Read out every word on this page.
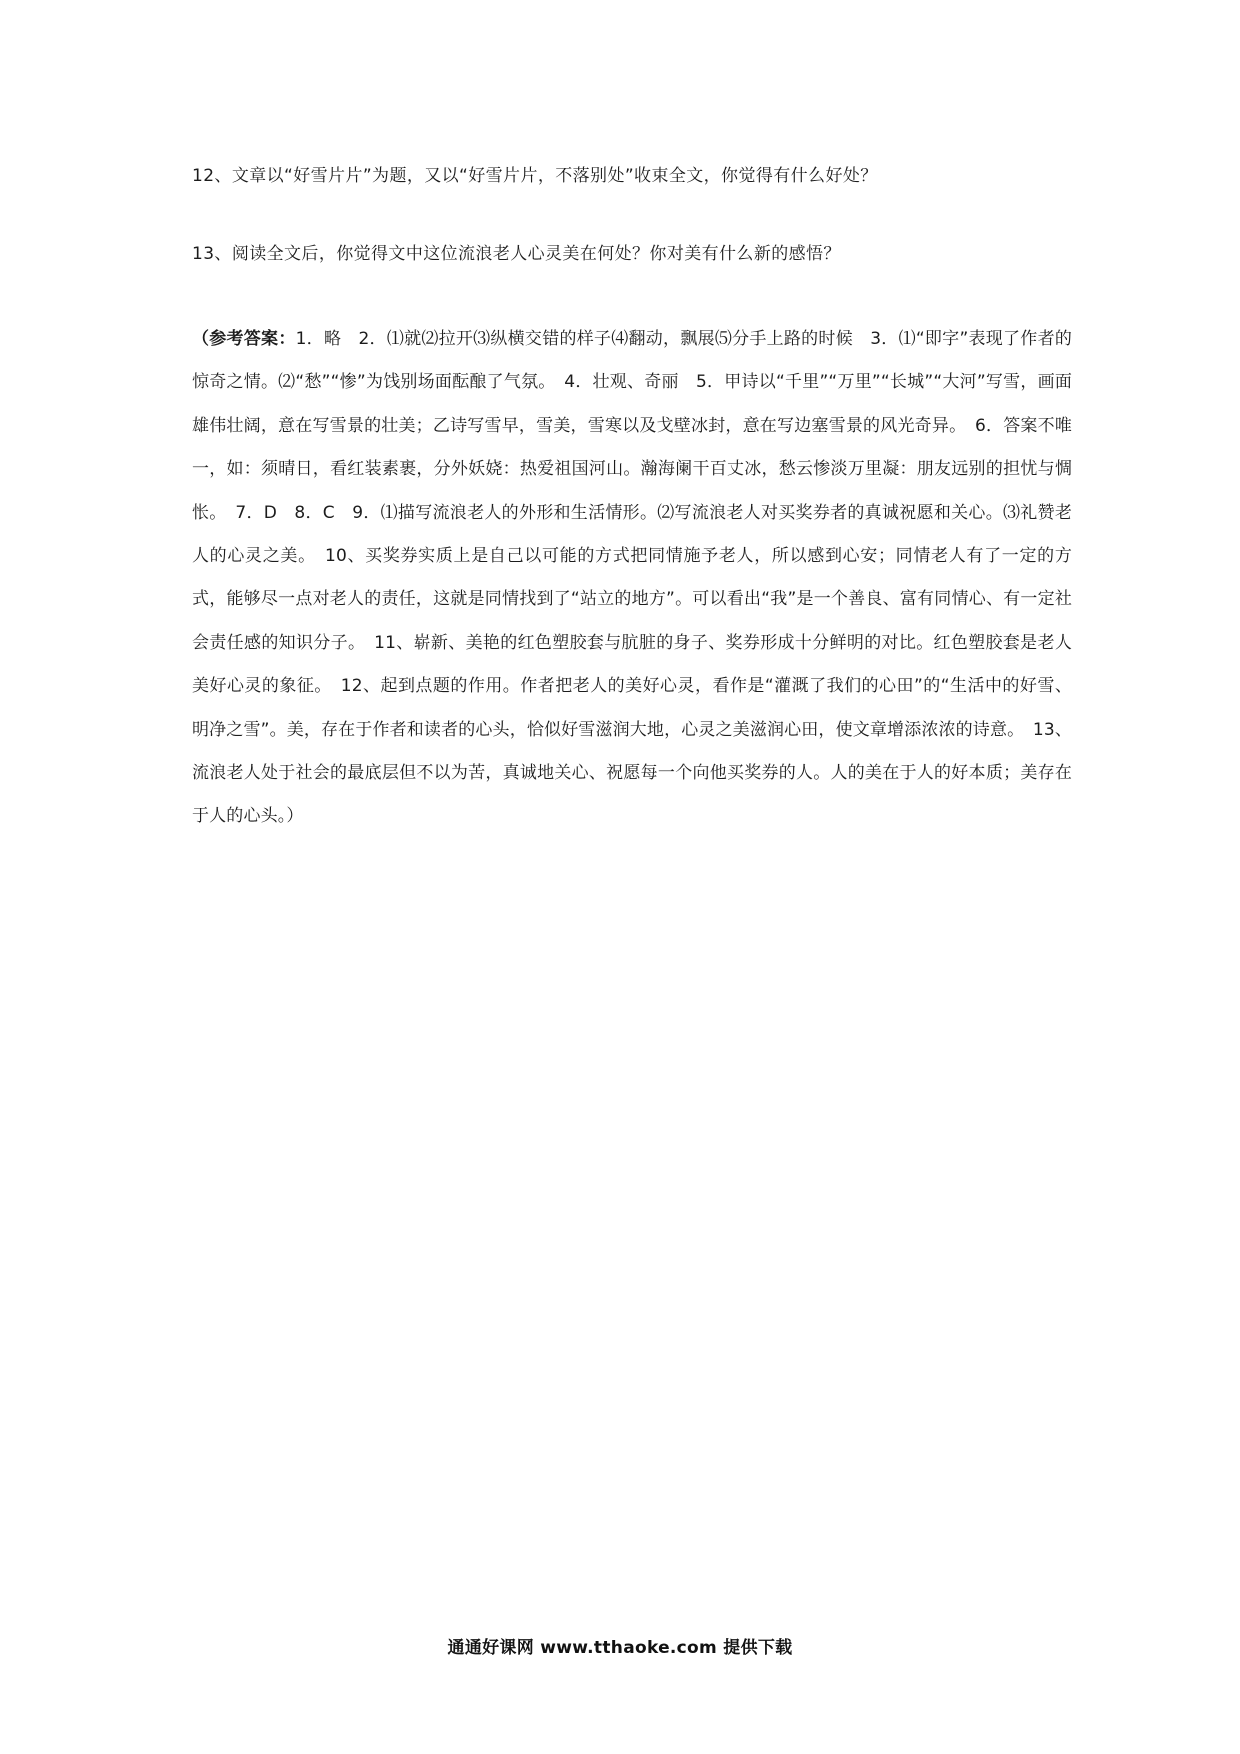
12、文章以“好雪片片”为题，又以“好雪片片，不落别处”收束全文，你觉得有什么好处？
13、阅读全文后，你觉得文中这位流浪老人心灵美在何处？你对美有什么新的感悟？
（参考答案：1．略　2．⑴就⑵拉开⑶纵横交错的样子⑷翻动，飘展⑸分手上路的时候　3．⑴“即字”表现了作者的惊奇之情。⑵“愁”“惨”为饯别场面酝酿了气氛。　4．壮观、奇丽　5．甲诗以“千里”“万里”“长城”“大河”写雪，画面雄伟壮阔，意在写雪景的壮美；乙诗写雪早，雪美，雪寒以及戈壁冰封，意在写边塞雪景的风光奇异。　6．答案不唯一，如：须晴日，看红装素裹，分外妖娆：热爱祖国河山。瀚海阑干百丈冰，愁云惨淡万里凝：朋友远别的担忧与惆怅。　7．D　8．C　9．⑴描写流浪老人的外形和生活情形。⑵写流浪老人对买奖券者的真诚祝愿和关心。⑶礼赞老人的心灵之美。　10、买奖券实质上是自己以可能的方式把同情施予老人，所以感到心安；同情老人有了一定的方式，能够尽一点对老人的责任，这就是同情找到了“站立的地方”。可以看出“我”是一个善良、富有同情心、有一定社会责任感的知识分子。　11、崭新、美艳的红色塑胶套与肮脏的身子、奖券形成十分鲜明的对比。红色塑胶套是老人美好心灵的象征。　12、起到点题的作用。作者把老人的美好心灵，看作是“灌溉了我们的心田”的“生活中的好雪、明净之雪”。美，存在于作者和读者的心头，恰似好雪滋润大地，心灵之美滋润心田，使文章增添浓浓的诗意。　13、流浪老人处于社会的最底层但不以为苦，真诚地关心、祝愿每一个向他买奖券的人。人的美在于人的好本质；美存在于人的心头。）
通通好课网 www.tthaoke.com 提供下载
